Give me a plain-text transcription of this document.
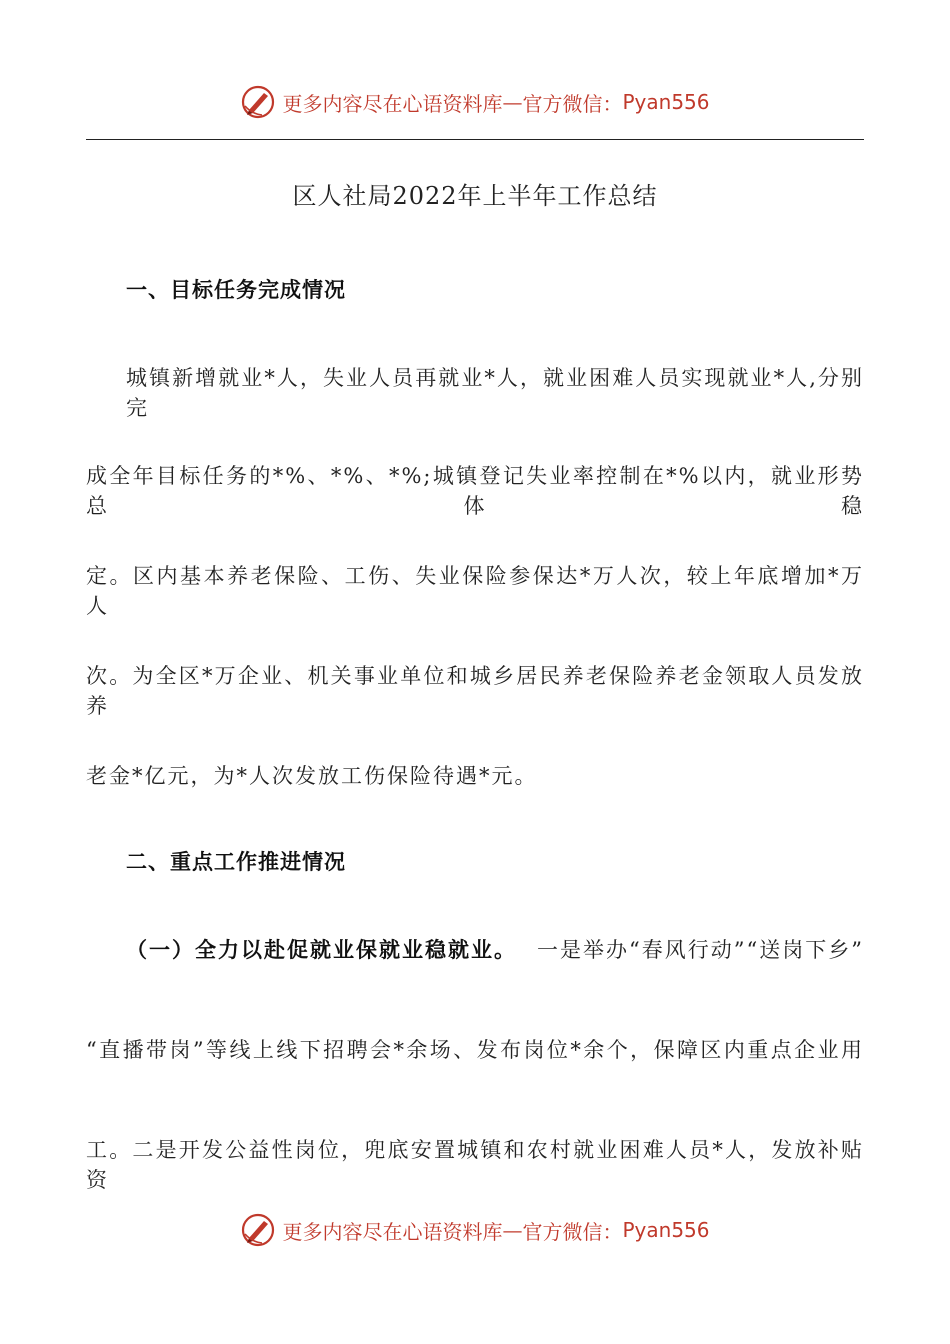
更多内容尽在心语资料库 — 官方微信： Pyan556
区人社局2022年上半年工作总结
一、目标任务完成情况
城镇新增就业*人，失业人员再就业*人，就业困难人员实现就业*人,分别完
成全年目标任务的*%、*%、*%;城镇登记失业率控制在*%以内，就业形势总体稳
定。区内基本养老保险、工伤、失业保险参保达*万人次，较上年底增加*万人
次。为全区*万企业、机关事业单位和城乡居民养老保险养老金领取人员发放养
老金*亿元，为*人次发放工伤保险待遇*元。
二、重点工作推进情况
（一）全力以赴促就业保就业稳就业。 一是举办“春风行动”“送岗下乡”
“直播带岗”等线上线下招聘会*余场、发布岗位*余个，保障区内重点企业用
工。二是开发公益性岗位，兜底安置城镇和农村就业困难人员*人，发放补贴资
更多内容尽在心语资料库 — 官方微信： Pyan556
